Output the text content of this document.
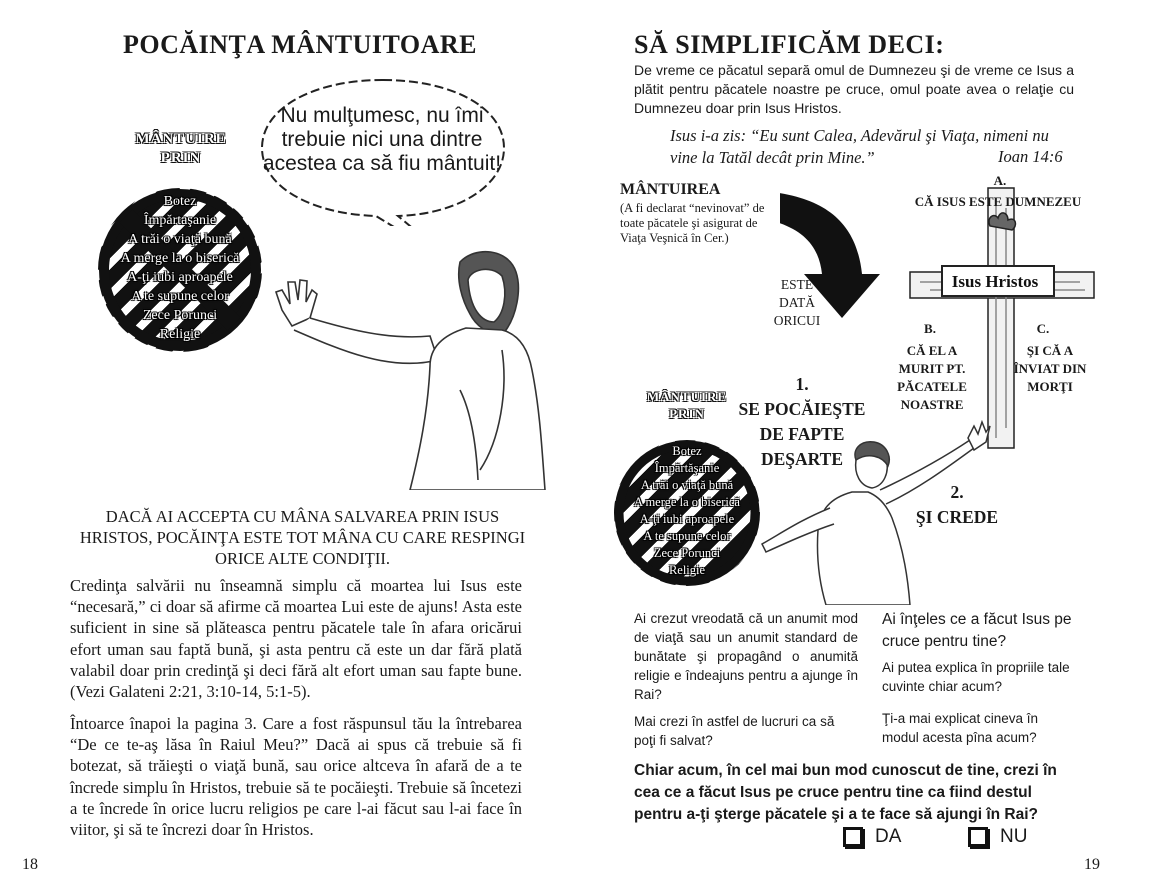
POCĂINŢA MÂNTUITOARE
Nu mulţumesc, nu îmi trebuie nici una dintre acestea ca să fiu mântuit!
MÂNTUIRE
PRIN
Botez
Împărtaşanie
A trăi o viaţă bună
A merge la o biserică
A-ţi iubi aproapele
A te supune celor
Zece Porunci
Religie
DACĂ AI ACCEPTA CU MÂNA SALVAREA PRIN ISUS HRISTOS, POCĂINŢA ESTE TOT MÂNA CU CARE RESPINGI ORICE ALTE CONDIŢII.
Credinţa salvării nu înseamnă simplu că moartea lui Isus este “necesară,” ci doar să afirme că moartea Lui este de ajuns! Asta este suficient in sine să plăteasca pentru păcatele tale în afara oricărui efort uman sau faptă bună, şi asta pentru că este un dar fără plată valabil doar prin credinţă şi deci fără alt efort uman sau fapte bune. (Vezi Galateni 2:21, 3:10-14, 5:1-5).
Întoarce înapoi la pagina 3. Care a fost răspunsul tău la întrebarea “De ce te-aş lăsa în Raiul Meu?” Dacă ai spus că trebuie să fi botezat, să trăieşti o viaţă bună, sau orice altceva în afară de a te încrede simplu în Hristos, trebuie să te pocăieşti. Trebuie să încetezi a te încrede în orice lucru religios pe care l-ai făcut sau l-ai face în viitor, şi să te încrezi doar în Hristos.
18
SĂ SIMPLIFICĂM DECI:
De vreme ce păcatul separă omul de Dumnezeu şi de vreme ce Isus a plătit pentru păcatele noastre pe cruce, omul poate avea o relaţie cu Dumnezeu doar prin Isus Hristos.
Isus i-a zis: “Eu sunt Calea, Adevărul şi Viaţa, nimeni nu vine la Tatăl decât prin Mine.”	Ioan 14:6
MÂNTUIREA
(A fi declarat “nevinovat” de toate păcatele şi asigurat de Viaţa Veşnică în Cer.)
ESTE DATĂ ORICUI
Isus Hristos
A.
CĂ ISUS ESTE DUMNEZEU
B.
CĂ EL A MURIT PT. PĂCATELE NOASTRE
C.
ŞI CĂ A ÎNVIAT DIN MORŢI
1.
SE POCĂIEŞTE DE FAPTE DEŞARTE
2.
ŞI CREDE
MÂNTUIRE
PRIN
Botez
Împărtăşanie
A trăi o viaţă bună
A merge la o biserică
A-ţi iubi aproapele
A te supune celor
Zece Porunci
Religie
Ai crezut vreodată că un anumit mod de viaţă sau un anumit standard de bunătate şi propagând o anumită religie e îndeajuns pentru a ajunge în Rai?
Mai crezi în astfel de lucruri ca să poţi fi salvat?
Ai înţeles ce a făcut Isus pe cruce pentru tine?
Ai putea explica în propriile tale cuvinte chiar acum?
Ţi-a mai explicat cineva în modul acesta pîna acum?
Chiar acum, în cel mai bun mod cunoscut de tine, crezi în cea ce a făcut Isus pe cruce pentru tine ca fiind destul pentru a-ţi şterge păcatele şi a te face să ajungi în Rai?
DA	NU
19
